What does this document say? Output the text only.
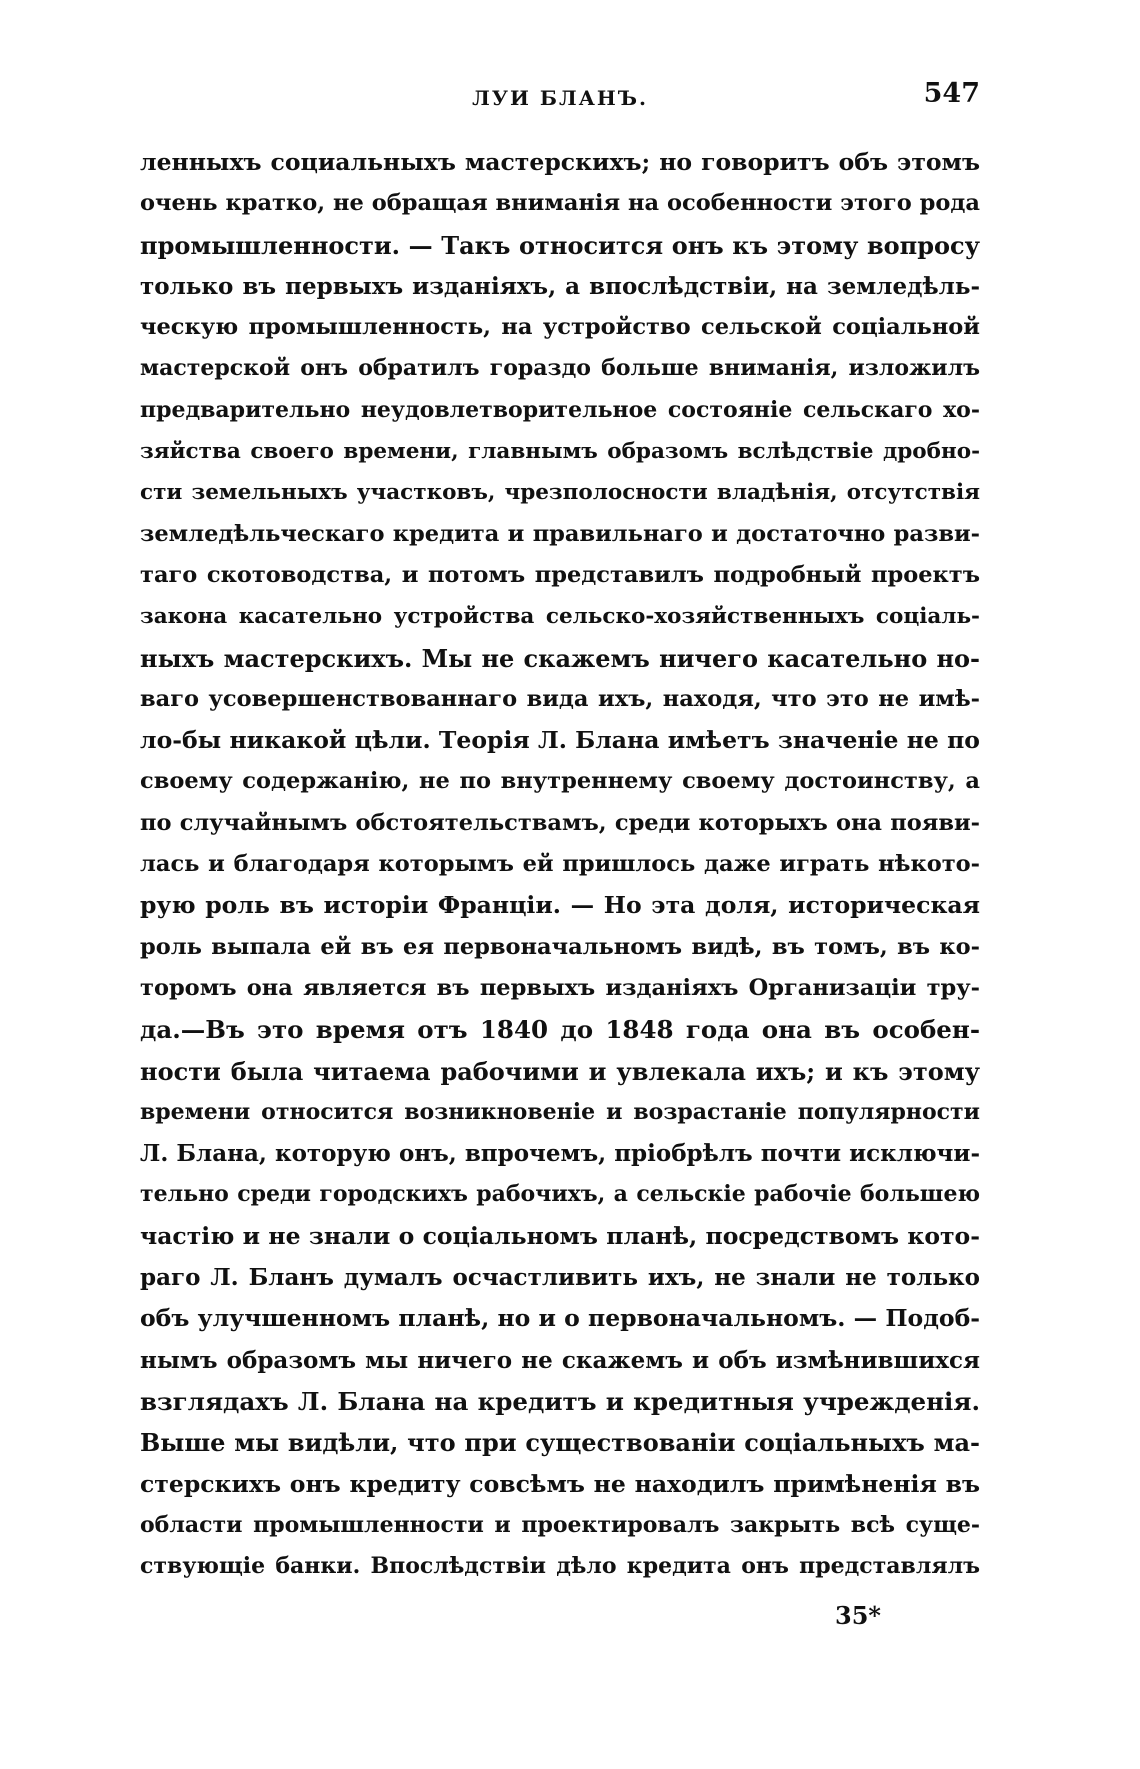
ЛУИ БЛАНЪ.	547
ленныхъ социальныхъ мастерскихъ; но говоритъ объ этомъ
очень кратко, не обращая вниманія на особенности этого рода
промышленности. — Такъ относится онъ къ этому вопросу
только въ первыхъ изданіяхъ, а впослѣдствіи, на земледѣль-
ческую промышленность, на устройство сельской соціальной
мастерской онъ обратилъ гораздо больше вниманія, изложилъ
предварительно неудовлетворительное состояніе сельскаго хо-
зяйства своего времени, главнымъ образомъ вслѣдствіе дробно-
сти земельныхъ участковъ, чрезполосности владѣнія, отсутствія
земледѣльческаго кредита и правильнаго и достаточно разви-
таго скотоводства, и потомъ представилъ подробный проектъ
закона касательно устройства сельско-хозяйственныхъ соціаль-
ныхъ мастерскихъ. Мы не скажемъ ничего касательно но-
ваго усовершенствованнаго вида ихъ, находя, что это не имѣ-
ло-бы никакой цѣли. Теорія Л. Блана имѣетъ значеніе не по
своему содержанію, не по внутреннему своему достоинству, а
по случайнымъ обстоятельствамъ, среди которыхъ она появи-
лась и благодаря которымъ ей пришлось даже играть нѣкото-
рую роль въ исторіи Франціи. — Но эта доля, историческая
роль выпала ей въ ея первоначальномъ видѣ, въ томъ, въ ко-
торомъ она является въ первыхъ изданіяхъ Организаціи тру-
да.—Въ это время отъ 1840 до 1848 года она въ особен-
ности была читаема рабочими и увлекала ихъ; и къ этому
времени относится возникновеніе и возрастаніе популярности
Л. Блана, которую онъ, впрочемъ, пріобрѣлъ почти исключи-
тельно среди городскихъ рабочихъ, а сельскіе рабочіе большею
частію и не знали о соціальномъ планѣ, посредствомъ кото-
раго Л. Бланъ думалъ осчастливить ихъ, не знали не только
объ улучшенномъ планѣ, но и о первоначальномъ. — Подоб-
нымъ образомъ мы ничего не скажемъ и объ измѣнившихся
взглядахъ Л. Блана на кредитъ и кредитныя учрежденія.
Выше мы видѣли, что при существованіи соціальныхъ ма-
стерскихъ онъ кредиту совсѣмъ не находилъ примѣненія въ
области промышленности и проектировалъ закрыть всѣ суще-
ствующіе банки. Впослѣдствіи дѣло кредита онъ представлялъ
35*
